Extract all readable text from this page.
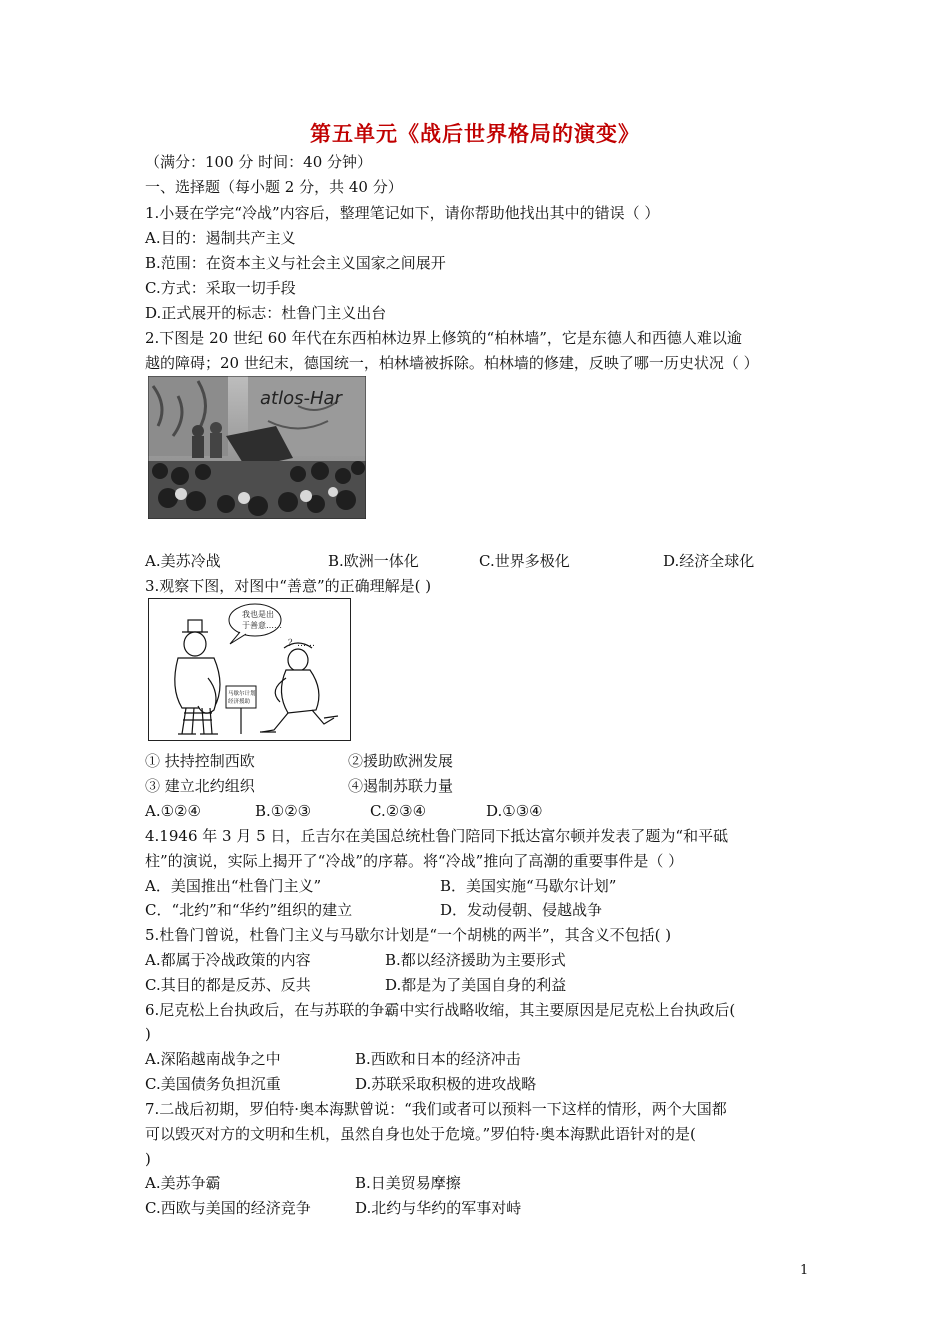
第五单元《战后世界格局的演变》
（满分：100 分 时间：40 分钟）
一、选择题（每小题 2 分，共 40 分）
1.小聂在学完“冷战”内容后，整理笔记如下，请你帮助他找出其中的错误（ ）
A.目的：遏制共产主义
B.范围：在资本主义与社会主义国家之间展开
C.方式：采取一切手段
D.正式展开的标志：杜鲁门主义出台
2.下图是 20 世纪 60 年代在东西柏林边界上修筑的“柏林墙”，它是东德人和西德人难以逾
越的障碍；20 世纪末，德国统一，柏林墙被拆除。柏林墙的修建，反映了哪一历史状况（ ）
atlos-Har
A.美苏冷战	B.欧洲一体化	C.世界多极化	D.经济全球化
3.观察下图，对图中“善意”的正确理解是( )
我也是出
于善意……
？……
马歇尔计划
经济援助
① 扶持控制西欧	②援助欧洲发展
③ 建立北约组织	④遏制苏联力量
A.①②④	B.①②③	C.②③④	D.①③④
4.1946 年 3 月 5 日，丘吉尔在美国总统杜鲁门陪同下抵达富尔顿并发表了题为“和平砥
柱”的演说，实际上揭开了“冷战”的序幕。将“冷战”推向了高潮的重要事件是（ ）
A．美国推出“杜鲁门主义”	B．美国实施“马歇尔计划”
C．“北约”和“华约”组织的建立	D．发动侵朝、侵越战争
5.杜鲁门曾说，杜鲁门主义与马歇尔计划是“一个胡桃的两半”，其含义不包括( )
A.都属于冷战政策的内容	B.都以经济援助为主要形式
C.其目的都是反苏、反共	D.都是为了美国自身的利益
6.尼克松上台执政后，在与苏联的争霸中实行战略收缩，其主要原因是尼克松上台执政后(
)
A.深陷越南战争之中	B.西欧和日本的经济冲击
C.美国债务负担沉重	D.苏联采取积极的进攻战略
7.二战后初期，罗伯特·奥本海默曾说：“我们或者可以预料一下这样的情形，两个大国都
可以毁灭对方的文明和生机，虽然自身也处于危境。”罗伯特·奥本海默此语针对的是(
)
A.美苏争霸	B.日美贸易摩擦
C.西欧与美国的经济竞争	D.北约与华约的军事对峙
1
